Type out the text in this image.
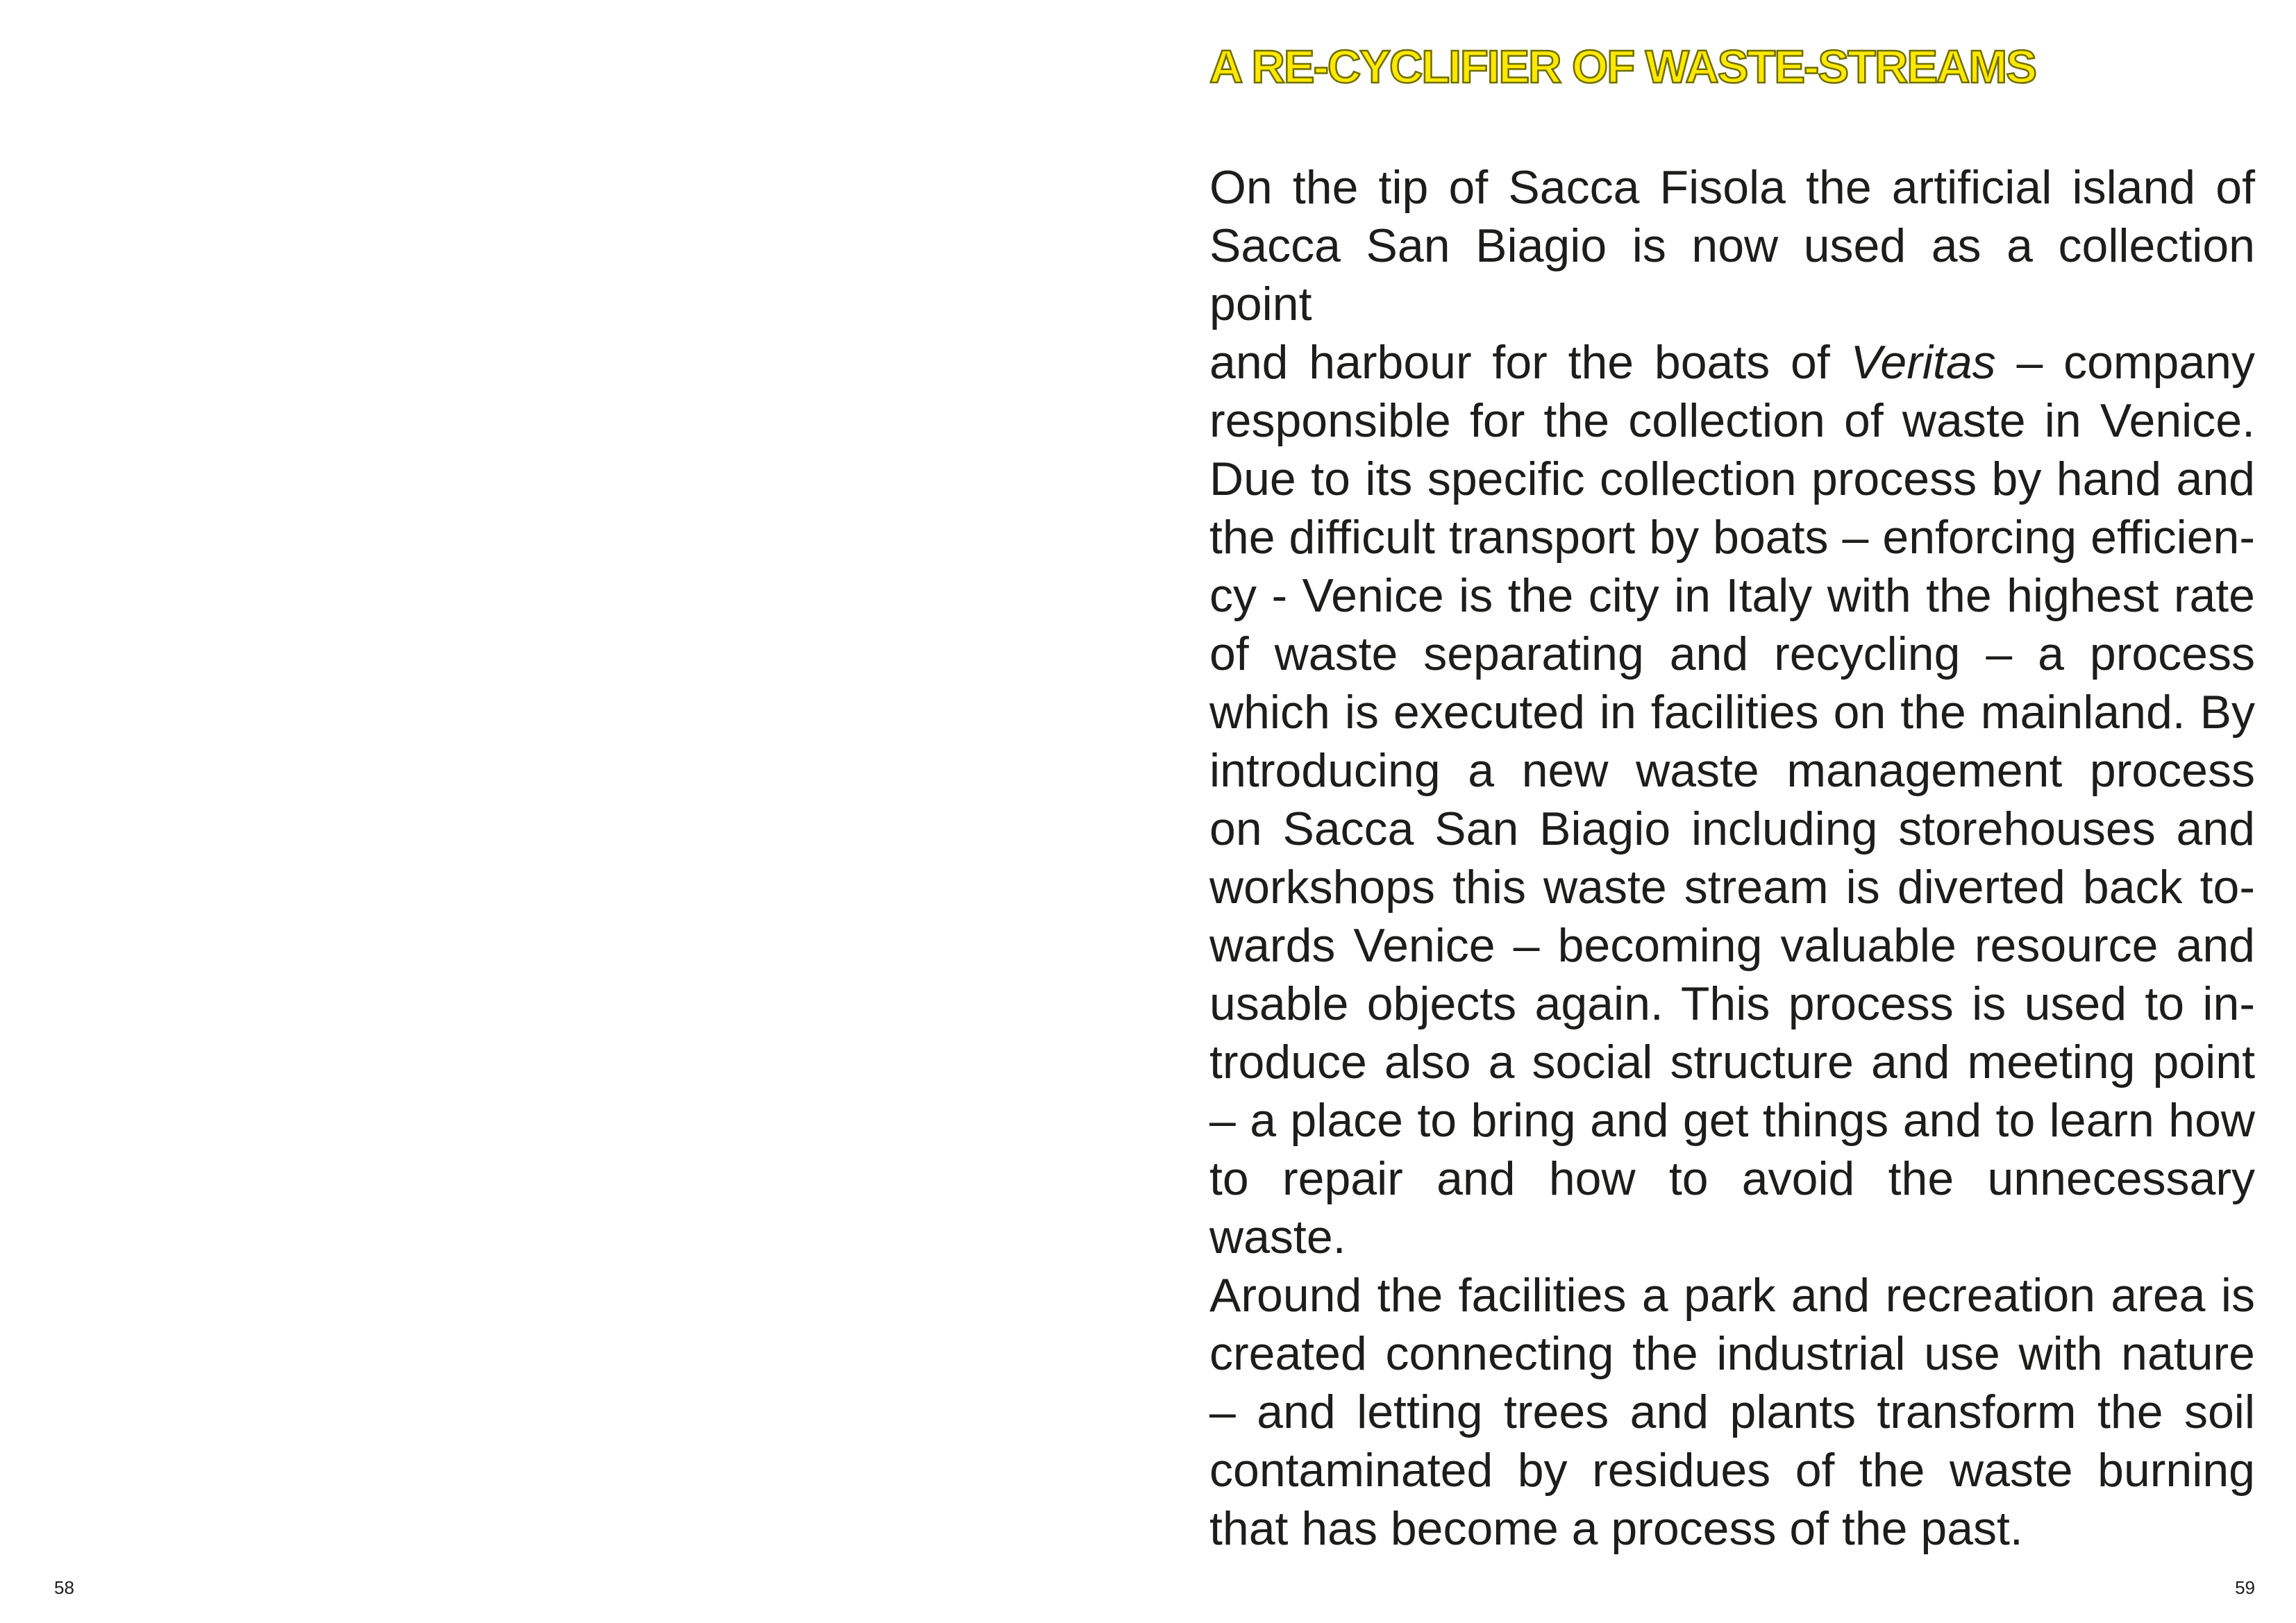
A RE-CYCLIFIER OF WASTE-STREAMS
On the tip of Sacca Fisola the artificial island of
Sacca San Biagio is now used as a collection point
and harbour for the boats of Veritas – company
responsible for the collection of waste in Venice.
Due to its specific collection process by hand and
the difficult transport by boats – enforcing efficien-
cy - Venice is the city in Italy with the highest rate
of waste separating and recycling – a process
which is executed in facilities on the mainland. By
introducing a new waste management process
on Sacca San Biagio including storehouses and
workshops this waste stream is diverted back to-
wards Venice – becoming valuable resource and
usable objects again. This process is used to in-
troduce also a social structure and meeting point
– a place to bring and get things and to learn how
to repair and how to avoid the unnecessary waste.
Around the facilities a park and recreation area is
created connecting the industrial use with nature
– and letting trees and plants transform the soil
contaminated by residues of the waste burning
that has become a process of the past.
58	59
